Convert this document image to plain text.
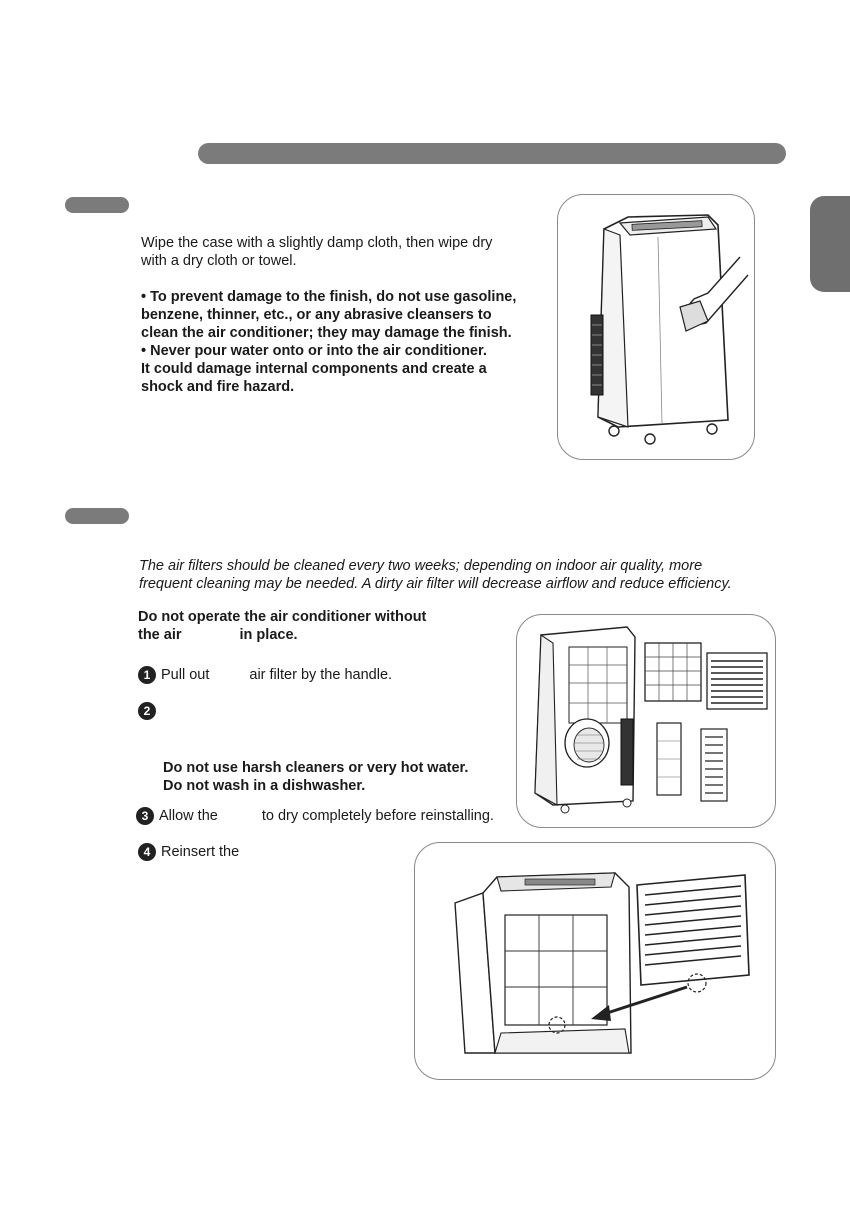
Wipe the case with a slightly damp cloth, then wipe dry
with a dry cloth or towel.
• To prevent damage to the finish, do not use gasoline,
benzene, thinner, etc., or any abrasive cleansers to
clean the air conditioner; they may damage the finish.
• Never pour water onto or into the air conditioner.
It could damage internal components and create a
shock and fire hazard.
The air filters should be cleaned every two weeks; depending on indoor air quality, more
frequent cleaning may be needed. A dirty air filter will decrease airflow and reduce efficiency.
Do not operate the air conditioner without
the air	in place.
1 Pull out	air filter by the handle.
2
Do not use harsh cleaners or very hot water.
Do not wash in a dishwasher.
3 Allow the	to dry completely before reinstalling.
4 Reinsert the
